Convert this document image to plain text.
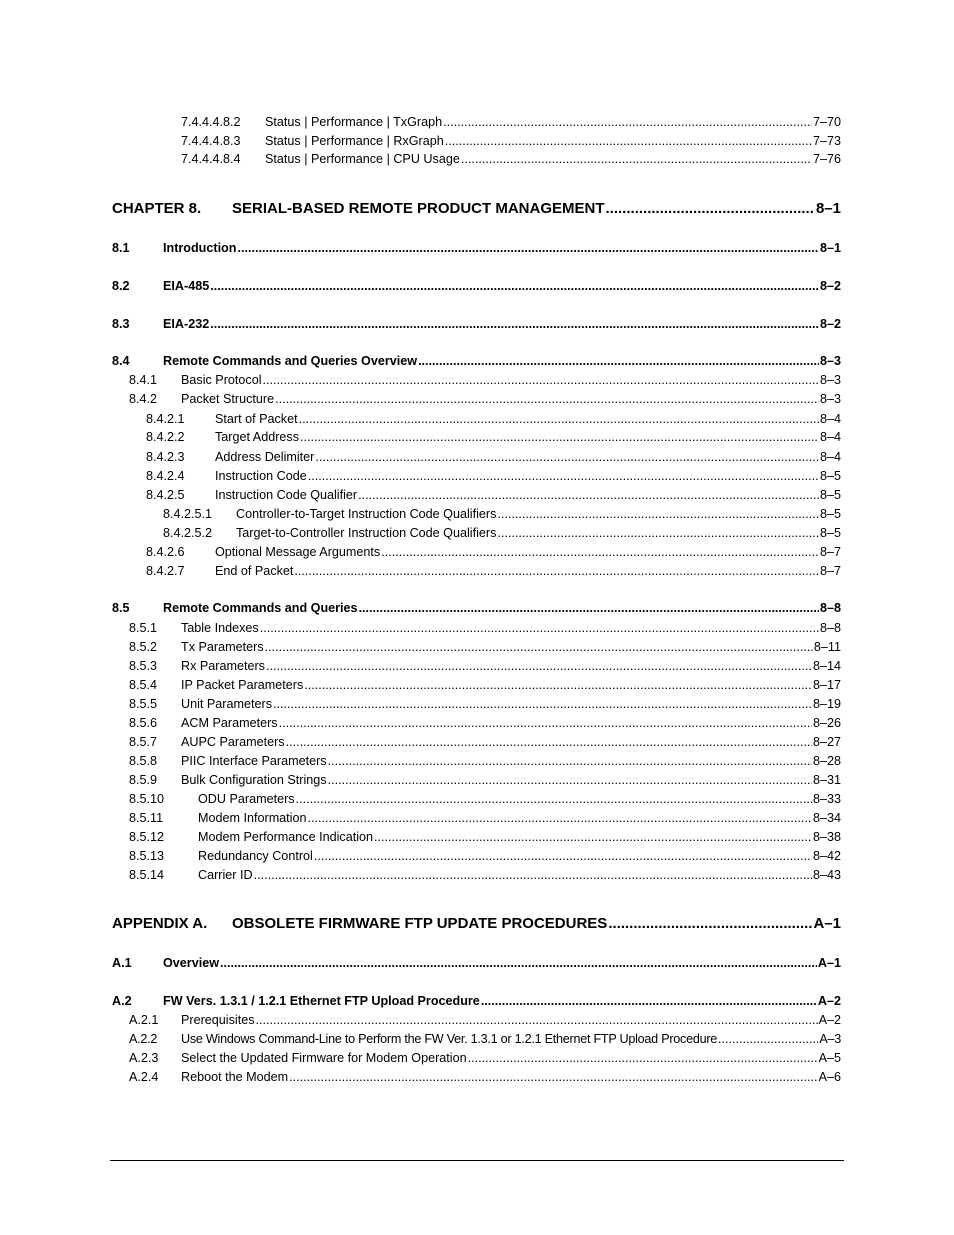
7.4.4.4.8.2	Status | Performance | TxGraph .....	7–70
7.4.4.4.8.3	Status | Performance | RxGraph .....	7–73
7.4.4.4.8.4	Status | Performance | CPU Usage .....	7–76
CHAPTER 8.	SERIAL-BASED REMOTE PRODUCT MANAGEMENT .....	8–1
8.1	Introduction .....	8–1
8.2	EIA-485 .....	8–2
8.3	EIA-232 .....	8–2
8.4	Remote Commands and Queries Overview .....	8–3
8.4.1	Basic Protocol .....	8–3
8.4.2	Packet Structure .....	8–3
8.4.2.1	Start of Packet .....	8–4
8.4.2.2	Target Address .....	8–4
8.4.2.3	Address Delimiter .....	8–4
8.4.2.4	Instruction Code .....	8–5
8.4.2.5	Instruction Code Qualifier .....	8–5
8.4.2.5.1	Controller-to-Target Instruction Code Qualifiers .....	8–5
8.4.2.5.2	Target-to-Controller Instruction Code Qualifiers .....	8–5
8.4.2.6	Optional Message Arguments .....	8–7
8.4.2.7	End of Packet .....	8–7
8.5	Remote Commands and Queries .....	8–8
8.5.1	Table Indexes .....	8–8
8.5.2	Tx Parameters .....	8–11
8.5.3	Rx Parameters .....	8–14
8.5.4	IP Packet Parameters .....	8–17
8.5.5	Unit Parameters .....	8–19
8.5.6	ACM Parameters .....	8–26
8.5.7	AUPC Parameters .....	8–27
8.5.8	PIIC Interface Parameters .....	8–28
8.5.9	Bulk Configuration Strings .....	8–31
8.5.10	ODU Parameters .....	8–33
8.5.11	Modem Information .....	8–34
8.5.12	Modem Performance Indication .....	8–38
8.5.13	Redundancy Control .....	8–42
8.5.14	Carrier ID .....	8–43
APPENDIX A.	OBSOLETE FIRMWARE FTP UPDATE PROCEDURES .....	A–1
A.1	Overview .....	A–1
A.2	FW Vers. 1.3.1 / 1.2.1 Ethernet FTP Upload Procedure .....	A–2
A.2.1	Prerequisites .....	A–2
A.2.2	Use Windows Command-Line to Perform the FW Ver. 1.3.1 or 1.2.1 Ethernet FTP Upload Procedure .....	A–3
A.2.3	Select the Updated Firmware for Modem Operation .....	A–5
A.2.4	Reboot the Modem .....	A–6
